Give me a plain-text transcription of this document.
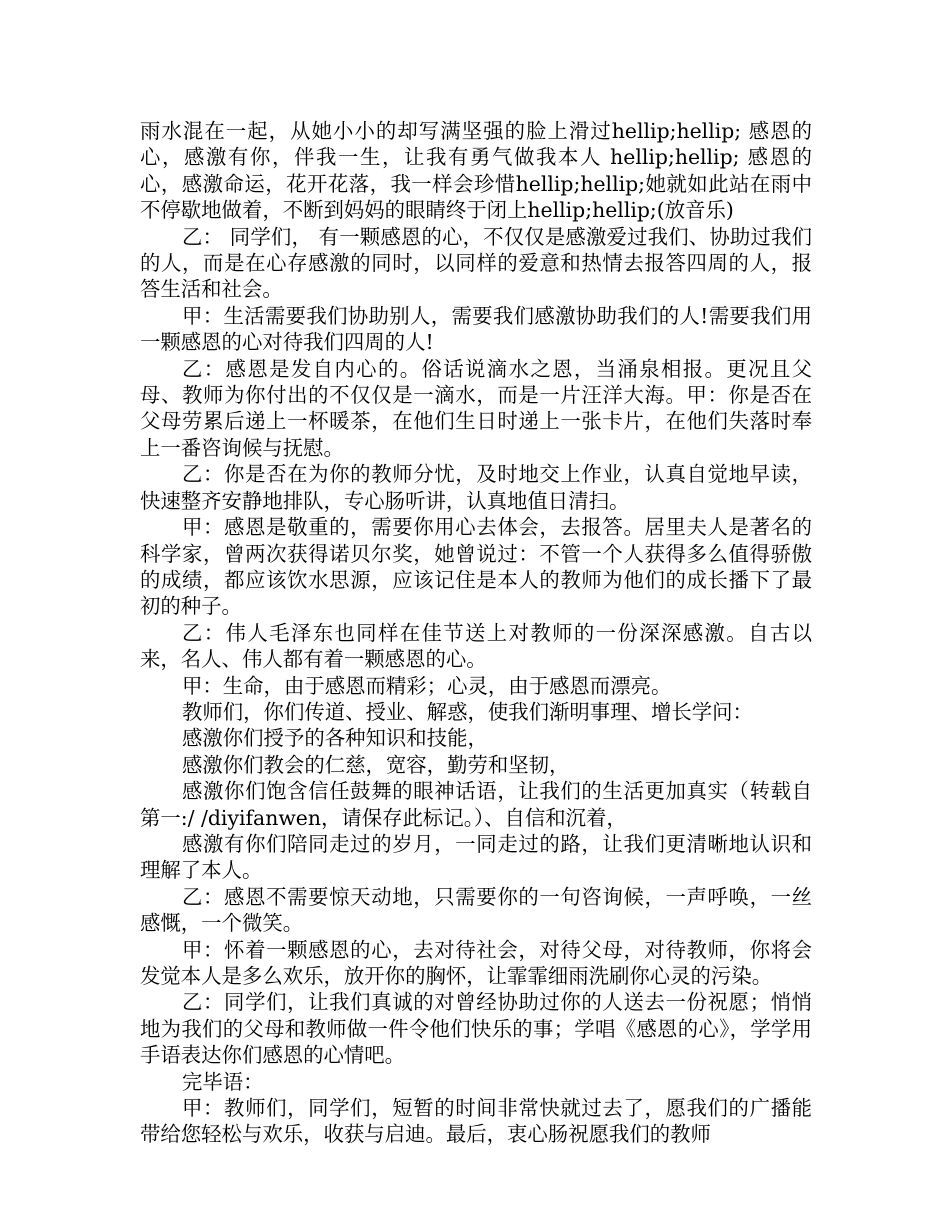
雨水混在一起，从她小小的却写满坚强的脸上滑过hellip;hellip; 感恩的心，感激有你，伴我一生，让我有勇气做我本人 hellip;hellip; 感恩的心，感激命运，花开花落，我一样会珍惜hellip;hellip;她就如此站在雨中不停歇地做着，不断到妈妈的眼睛终于闭上hellip;hellip;(放音乐)

乙： 同学们， 有一颗感恩的心，不仅仅是感激爱过我们、协助过我们的人，而是在心存感激的同时，以同样的爱意和热情去报答四周的人，报答生活和社会。

甲：生活需要我们协助别人，需要我们感激协助我们的人!需要我们用一颗感恩的心对待我们四周的人!

乙：感恩是发自内心的。俗话说滴水之恩，当涌泉相报。更况且父母、教师为你付出的不仅仅是一滴水，而是一片汪洋大海。甲：你是否在父母劳累后递上一杯暖茶，在他们生日时递上一张卡片，在他们失落时奉上一番咨询候与抚慰。

乙：你是否在为你的教师分忧，及时地交上作业，认真自觉地早读，快速整齐安静地排队，专心肠听讲，认真地值日清扫。

甲：感恩是敬重的，需要你用心去体会，去报答。居里夫人是著名的科学家，曾两次获得诺贝尔奖，她曾说过：不管一个人获得多么值得骄傲的成绩，都应该饮水思源，应该记住是本人的教师为他们的成长播下了最初的种子。

乙：伟人毛泽东也同样在佳节送上对教师的一份深深感激。自古以来，名人、伟人都有着一颗感恩的心。

甲：生命，由于感恩而精彩；心灵，由于感恩而漂亮。

教师们，你们传道、授业、解惑，使我们渐明事理、增长学问：

感激你们授予的各种知识和技能，

感激你们教会的仁慈，宽容，勤劳和坚韧，

感激你们饱含信任鼓舞的眼神话语，让我们的生活更加真实（转载自第一:/ /diyifanwen，请保存此标记。）、自信和沉着，

感激有你们陪同走过的岁月，一同走过的路，让我们更清晰地认识和理解了本人。

乙：感恩不需要惊天动地，只需要你的一句咨询候，一声呼唤，一丝感慨，一个微笑。

甲：怀着一颗感恩的心，去对待社会，对待父母，对待教师，你将会发觉本人是多么欢乐，放开你的胸怀，让霏霏细雨洗刷你心灵的污染。

乙：同学们，让我们真诚的对曾经协助过你的人送去一份祝愿；悄悄地为我们的父母和教师做一件令他们快乐的事；学唱《感恩的心》，学学用手语表达你们感恩的心情吧。

完毕语：

甲：教师们，同学们，短暂的时间非常快就过去了，愿我们的广播能带给您轻松与欢乐，收获与启迪。最后，衷心肠祝愿我们的教师
